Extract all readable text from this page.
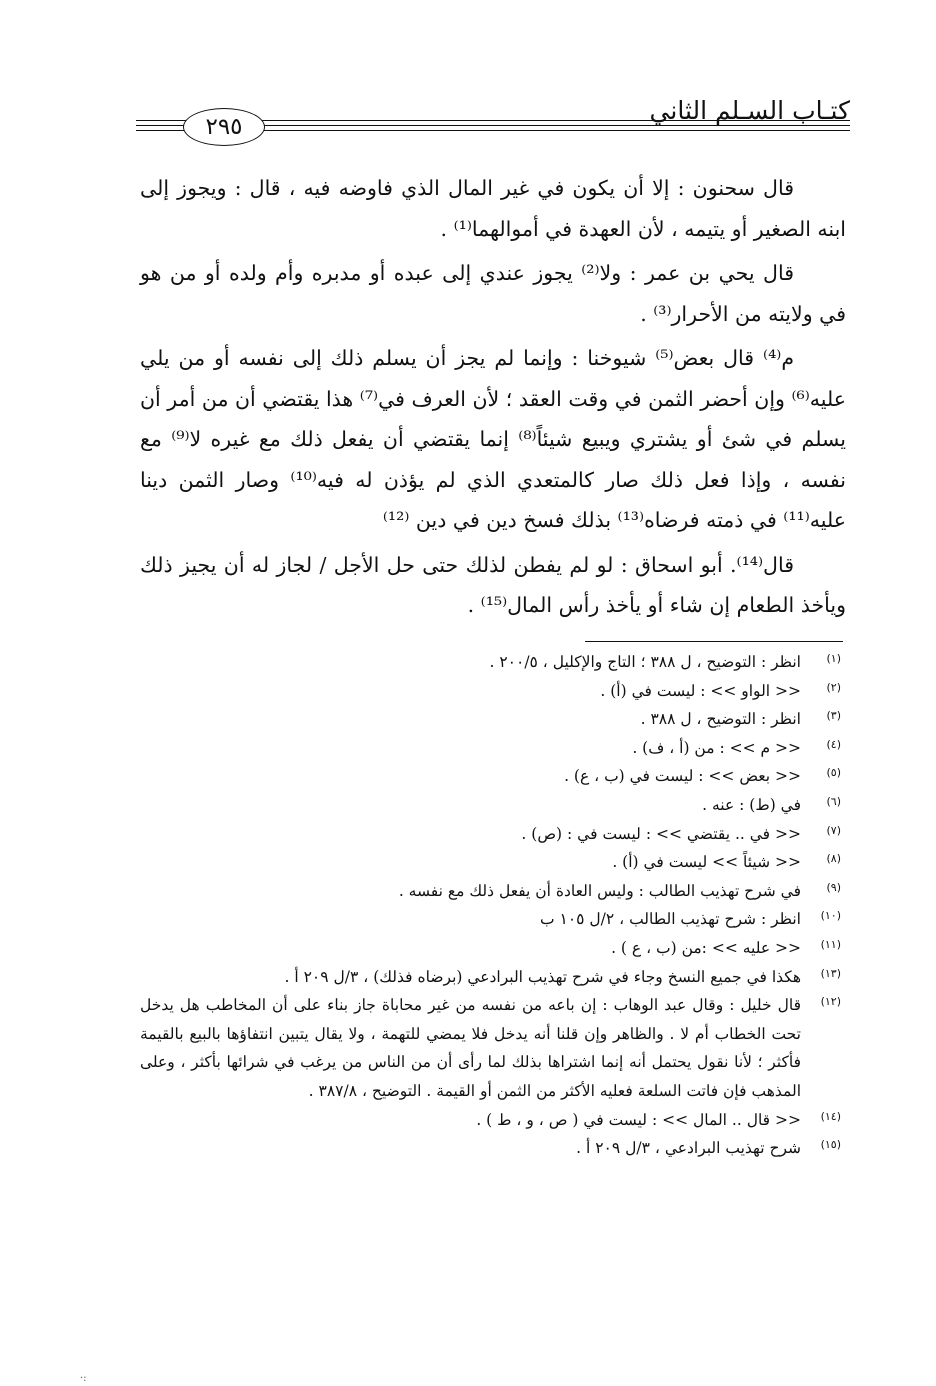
كتـاب السـلم الثاني
٢٩٥

قال سحنون : إلا أن يكون في غير المال الذي فاوضه فيه ، قال : ويجوز إلى ابنه الصغير أو يتيمه ، لأن العهدة في أموالهما⁽¹⁾ .

قال يحي بن عمر : ولا⁽²⁾ يجوز عندي إلى عبده أو مدبره وأم ولده أو من هو في ولايته من الأحرار⁽³⁾ .

م⁽⁴⁾ قال بعض⁽⁵⁾ شيوخنا : وإنما لم يجز أن يسلم ذلك إلى نفسه أو من يلي عليه⁽⁶⁾ وإن أحضر الثمن في وقت العقد ؛ لأن العرف في⁽⁷⁾ هذا يقتضي أن من أمر أن يسلم في شئ أو يشتري ويبيع شيئاً⁽⁸⁾ إنما يقتضي أن يفعل ذلك مع غيره لا⁽⁹⁾ مع نفسه ، وإذا فعل ذلك صار كالمتعدي الذي لم يؤذن له فيه⁽¹⁰⁾ وصار الثمن دينا عليه⁽¹¹⁾ في ذمته فرضاه⁽¹³⁾ بذلك فسخ دين في دين ⁽¹²⁾

قال⁽¹⁴⁾. أبو اسحاق : لو لم يفطن لذلك حتى حل الأجل / لجاز له أن يجيز ذلك ويأخذ الطعام إن شاء أو يأخذ رأس المال⁽¹⁵⁾ .

(١)
انظر : التوضيح ، ل ٣٨٨ ؛ التاج والإكليل ، ٢٠٠/٥ .
(٢)
<< الواو >> : ليست في (أ) .
(٣)
انظر : التوضيح ، ل ٣٨٨ .
(٤)
<< م >> : من (أ ، ف) .
(٥)
<< بعض >> : ليست في (ب ، ع) .
(٦)
في (ط) : عنه .
(٧)
<< في .. يقتضي >> : ليست في : (ص) .
(٨)
<< شيئاً >> ليست في (أ) .
(٩)
في شرح تهذيب الطالب : وليس العادة أن يفعل ذلك مع نفسه .
(١٠)
انظر : شرح تهذيب الطالب ، ٢/ل ١٠٥ ب
(١١)
<< عليه >> :من (ب ، ع ) .
(١٣)
هكذا في جميع النسخ وجاء في شرح تهذيب البرادعي (برضاه فذلك) ، ٣/ل ٢٠٩ أ .
(١٢)
قال خليل : وقال عبد الوهاب : إن باعه من نفسه من غير محاباة جاز بناء على أن المخاطب هل يدخل تحت الخطاب أم لا . والظاهر وإن قلنا أنه يدخل فلا يمضي للتهمة ، ولا يقال يتبين انتفاؤها بالبيع بالقيمة فأكثر ؛ لأنا نقول يحتمل أنه إنما اشتراها بذلك لما رأى أن من الناس من يرغب في شرائها بأكثر ، وعلى المذهب فإن فاتت السلعة فعليه الأكثر من الثمن أو القيمة . التوضيح ، ٣٨٧/٨ .
(١٤)
<< قال .. المال >> : ليست في ( ص ، و ، ط ) .
(١٥)
شرح تهذيب البرادعي ، ٣/ل ٢٠٩ أ .
·:
